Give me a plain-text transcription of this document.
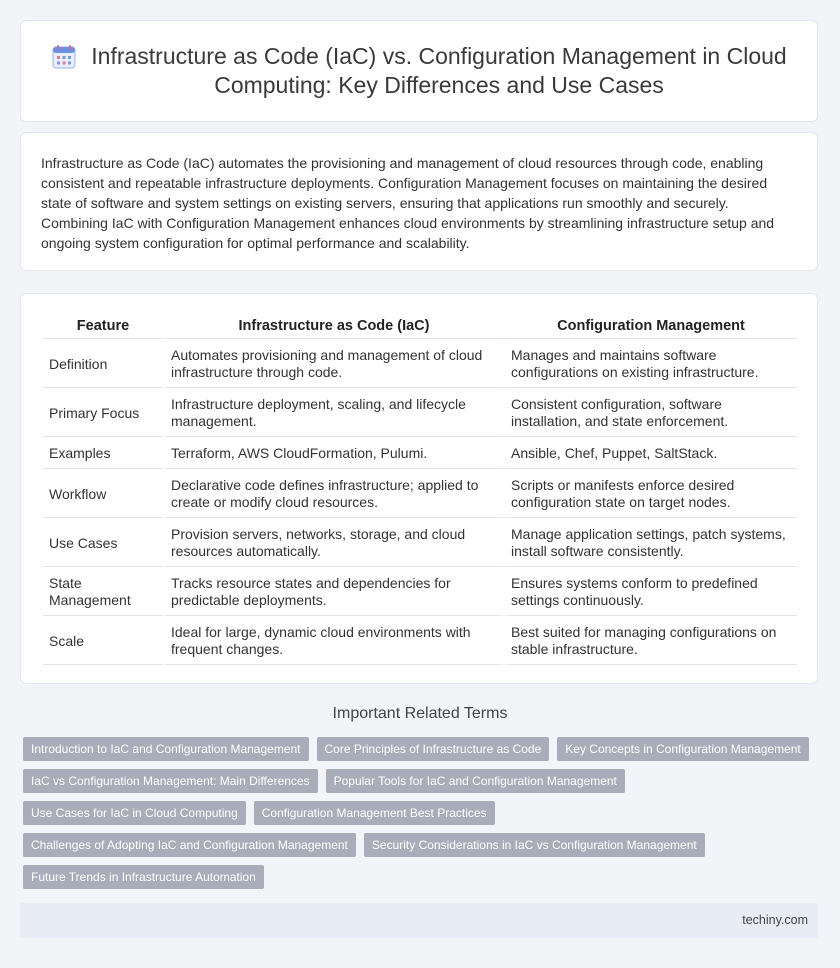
Infrastructure as Code (IaC) vs. Configuration Management in Cloud Computing: Key Differences and Use Cases

Infrastructure as Code (IaC) automates the provisioning and management of cloud resources through code, enabling consistent and repeatable infrastructure deployments. Configuration Management focuses on maintaining the desired state of software and system settings on existing servers, ensuring that applications run smoothly and securely. Combining IaC with Configuration Management enhances cloud environments by streamlining infrastructure setup and ongoing system configuration for optimal performance and scalability.

Feature	Infrastructure as Code (IaC)	Configuration Management
Definition	Automates provisioning and management of cloud infrastructure through code.	Manages and maintains software configurations on existing infrastructure.
Primary Focus	Infrastructure deployment, scaling, and lifecycle management.	Consistent configuration, software installation, and state enforcement.
Examples	Terraform, AWS CloudFormation, Pulumi.	Ansible, Chef, Puppet, SaltStack.
Workflow	Declarative code defines infrastructure; applied to create or modify cloud resources.	Scripts or manifests enforce desired configuration state on target nodes.
Use Cases	Provision servers, networks, storage, and cloud resources automatically.	Manage application settings, patch systems, install software consistently.
State Management	Tracks resource states and dependencies for predictable deployments.	Ensures systems conform to predefined settings continuously.
Scale	Ideal for large, dynamic cloud environments with frequent changes.	Best suited for managing configurations on stable infrastructure.
Important Related Terms
Introduction to IaC and Configuration Management	Core Principles of Infrastructure as Code	Key Concepts in Configuration Management
IaC vs Configuration Management: Main Differences	Popular Tools for IaC and Configuration Management
Use Cases for IaC in Cloud Computing	Configuration Management Best Practices
Challenges of Adopting IaC and Configuration Management	Security Considerations in IaC vs Configuration Management
Future Trends in Infrastructure Automation
techiny.com
